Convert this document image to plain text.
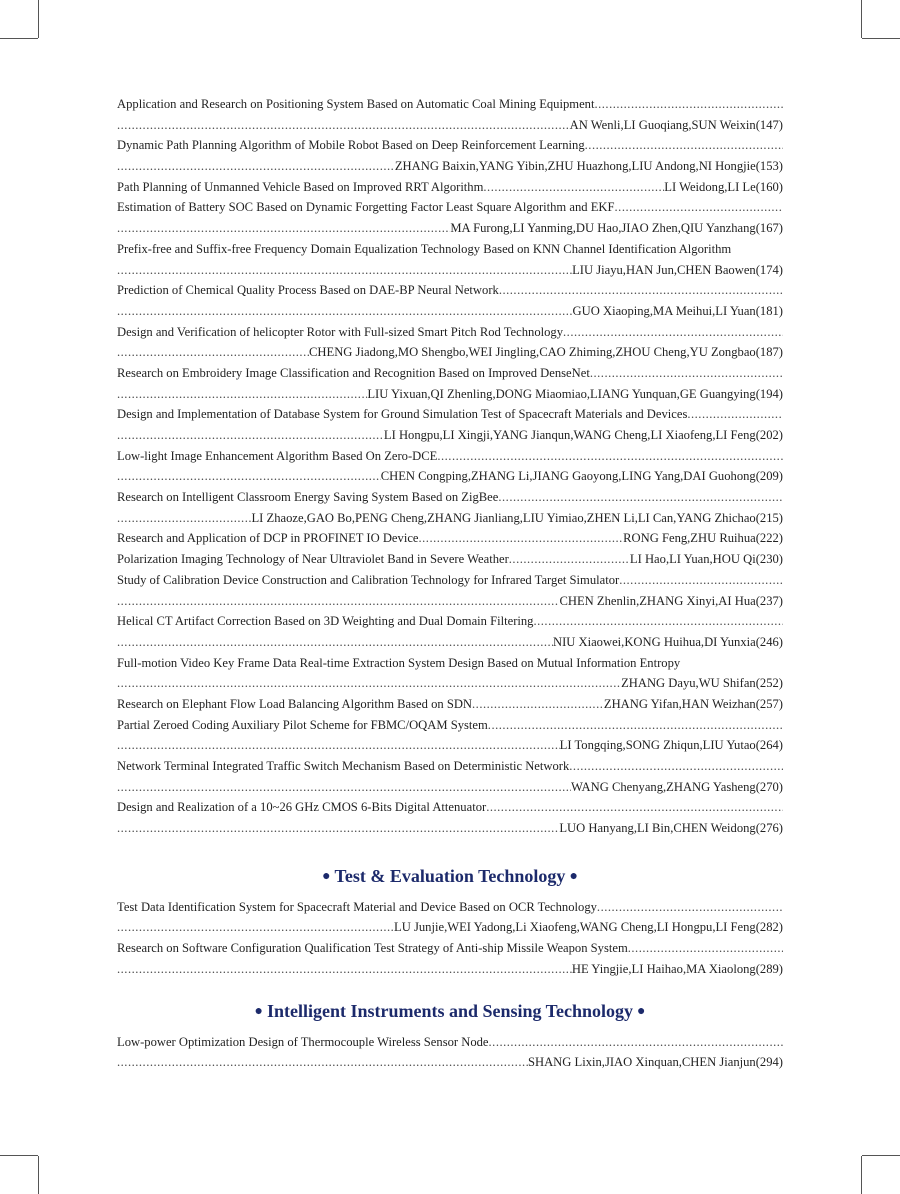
Application and Research on Positioning System Based on Automatic Coal Mining Equipment
.....
.....
AN Wenli,LI Guoqiang,SUN Weixin(147)
Dynamic Path Planning Algorithm of Mobile Robot Based on Deep Reinforcement Learning
.....
.....
ZHANG Baixin,YANG Yibin,ZHU Huazhong,LIU Andong,NI Hongjie(153)
Path Planning of Unmanned Vehicle Based on Improved RRT Algorithm .....	LI Weidong,LI Le(160)
Estimation of Battery SOC Based on Dynamic Forgetting Factor Least Square Algorithm and EKF
.....
.....
MA Furong,LI Yanming,DU Hao,JIAO Zhen,QIU Yanzhang(167)
Prefix-free and Suffix-free Frequency Domain Equalization Technology Based on KNN Channel Identification Algorithm
.....
LIU Jiayu,HAN Jun,CHEN Baowen(174)
Prediction of Chemical Quality Process Based on DAE-BP Neural Network
.....
.....
GUO Xiaoping,MA Meihui,LI Yuan(181)
Design and Verification of helicopter Rotor with Full-sized Smart Pitch Rod Technology
.....
.....
CHENG Jiadong,MO Shengbo,WEI Jingling,CAO Zhiming,ZHOU Cheng,YU Zongbao(187)
Research on Embroidery Image Classification and Recognition Based on Improved DenseNet
.....
.....
LIU Yixuan,QI Zhenling,DONG Miaomiao,LIANG Yunquan,GE Guangying(194)
Design and Implementation of Database System for Ground Simulation Test of Spacecraft Materials and Devices
.....
.....
LI Hongpu,LI Xingji,YANG Jianqun,WANG Cheng,LI Xiaofeng,LI Feng(202)
Low-light Image Enhancement Algorithm Based On Zero-DCE
.....
.....
CHEN Congping,ZHANG Li,JIANG Gaoyong,LING Yang,DAI Guohong(209)
Research on Intelligent Classroom Energy Saving System Based on ZigBee
.....
.....
LI Zhaoze,GAO Bo,PENG Cheng,ZHANG Jianliang,LIU Yimiao,ZHEN Li,LI Can,YANG Zhichao(215)
Research and Application of DCP in PROFINET IO Device .....	RONG Feng,ZHU Ruihua(222)
Polarization Imaging Technology of Near Ultraviolet Band in Severe Weather .....	LI Hao,LI Yuan,HOU Qi(230)
Study of Calibration Device Construction and Calibration Technology for Infrared Target Simulator
.....
.....
CHEN Zhenlin,ZHANG Xinyi,AI Hua(237)
Helical CT Artifact Correction Based on 3D Weighting and Dual Domain Filtering
.....
.....
NIU Xiaowei,KONG Huihua,DI Yunxia(246)
Full-motion Video Key Frame Data Real-time Extraction System Design Based on Mutual Information Entropy
.....
ZHANG Dayu,WU Shifan(252)
Research on Elephant Flow Load Balancing Algorithm Based on SDN .....	ZHANG Yifan,HAN Weizhan(257)
Partial Zeroed Coding Auxiliary Pilot Scheme for FBMC/OQAM System
.....
.....
LI Tongqing,SONG Zhiqun,LIU Yutao(264)
Network Terminal Integrated Traffic Switch Mechanism Based on Deterministic Network
.....
.....
WANG Chenyang,ZHANG Yasheng(270)
Design and Realization of a 10~26 GHz CMOS 6-Bits Digital Attenuator
.....
.....
LUO Hanyang,LI Bin,CHEN Weidong(276)
● Test & Evaluation Technology ●
Test Data Identification System for Spacecraft Material and Device Based on OCR Technology
.....
.....
LU Junjie,WEI Yadong,Li Xiaofeng,WANG Cheng,LI Hongpu,LI Feng(282)
Research on Software Configuration Qualification Test Strategy of Anti-ship Missile Weapon System
.....
.....
HE Yingjie,LI Haihao,MA Xiaolong(289)
● Intelligent Instruments and Sensing Technology ●
Low-power Optimization Design of Thermocouple Wireless Sensor Node
.....
.....
SHANG Lixin,JIAO Xinquan,CHEN Jianjun(294)
